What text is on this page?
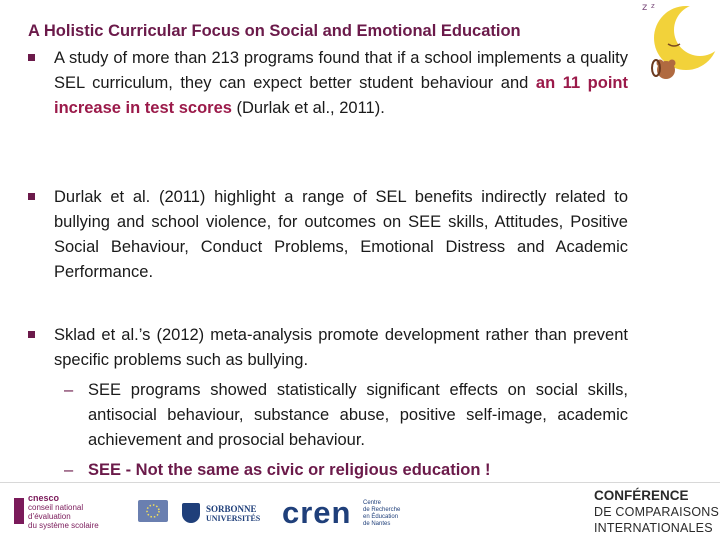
A Holistic Curricular Focus on Social and Emotional Education
z z

A study of more than 213 programs found that if a school implements a quality SEL curriculum, they can expect better student behaviour and an 11 point increase in test scores (Durlak et al., 2011).

Durlak et al. (2011) highlight a range of SEL benefits indirectly related to bullying and school violence, for outcomes on SEE skills, Attitudes, Positive Social Behaviour, Conduct Problems, Emotional Distress and Academic Performance.

Sklad et al.’s (2012) meta-analysis promote development rather than prevent specific problems such as bullying.

– SEE programs showed statistically significant effects on social skills, antisocial behaviour, substance abuse, positive self-image, academic achievement and prosocial behaviour.

– SEE - Not the same as civic or religious education !

cnesco
conseil national
d’évaluation
du système scolaire
SORBONNE
UNIVERSITÉS cren Centre
de Recherche
en Éducation
de Nantes
CONFÉRENCE
DE COMPARAISONS
INTERNATIONALES
